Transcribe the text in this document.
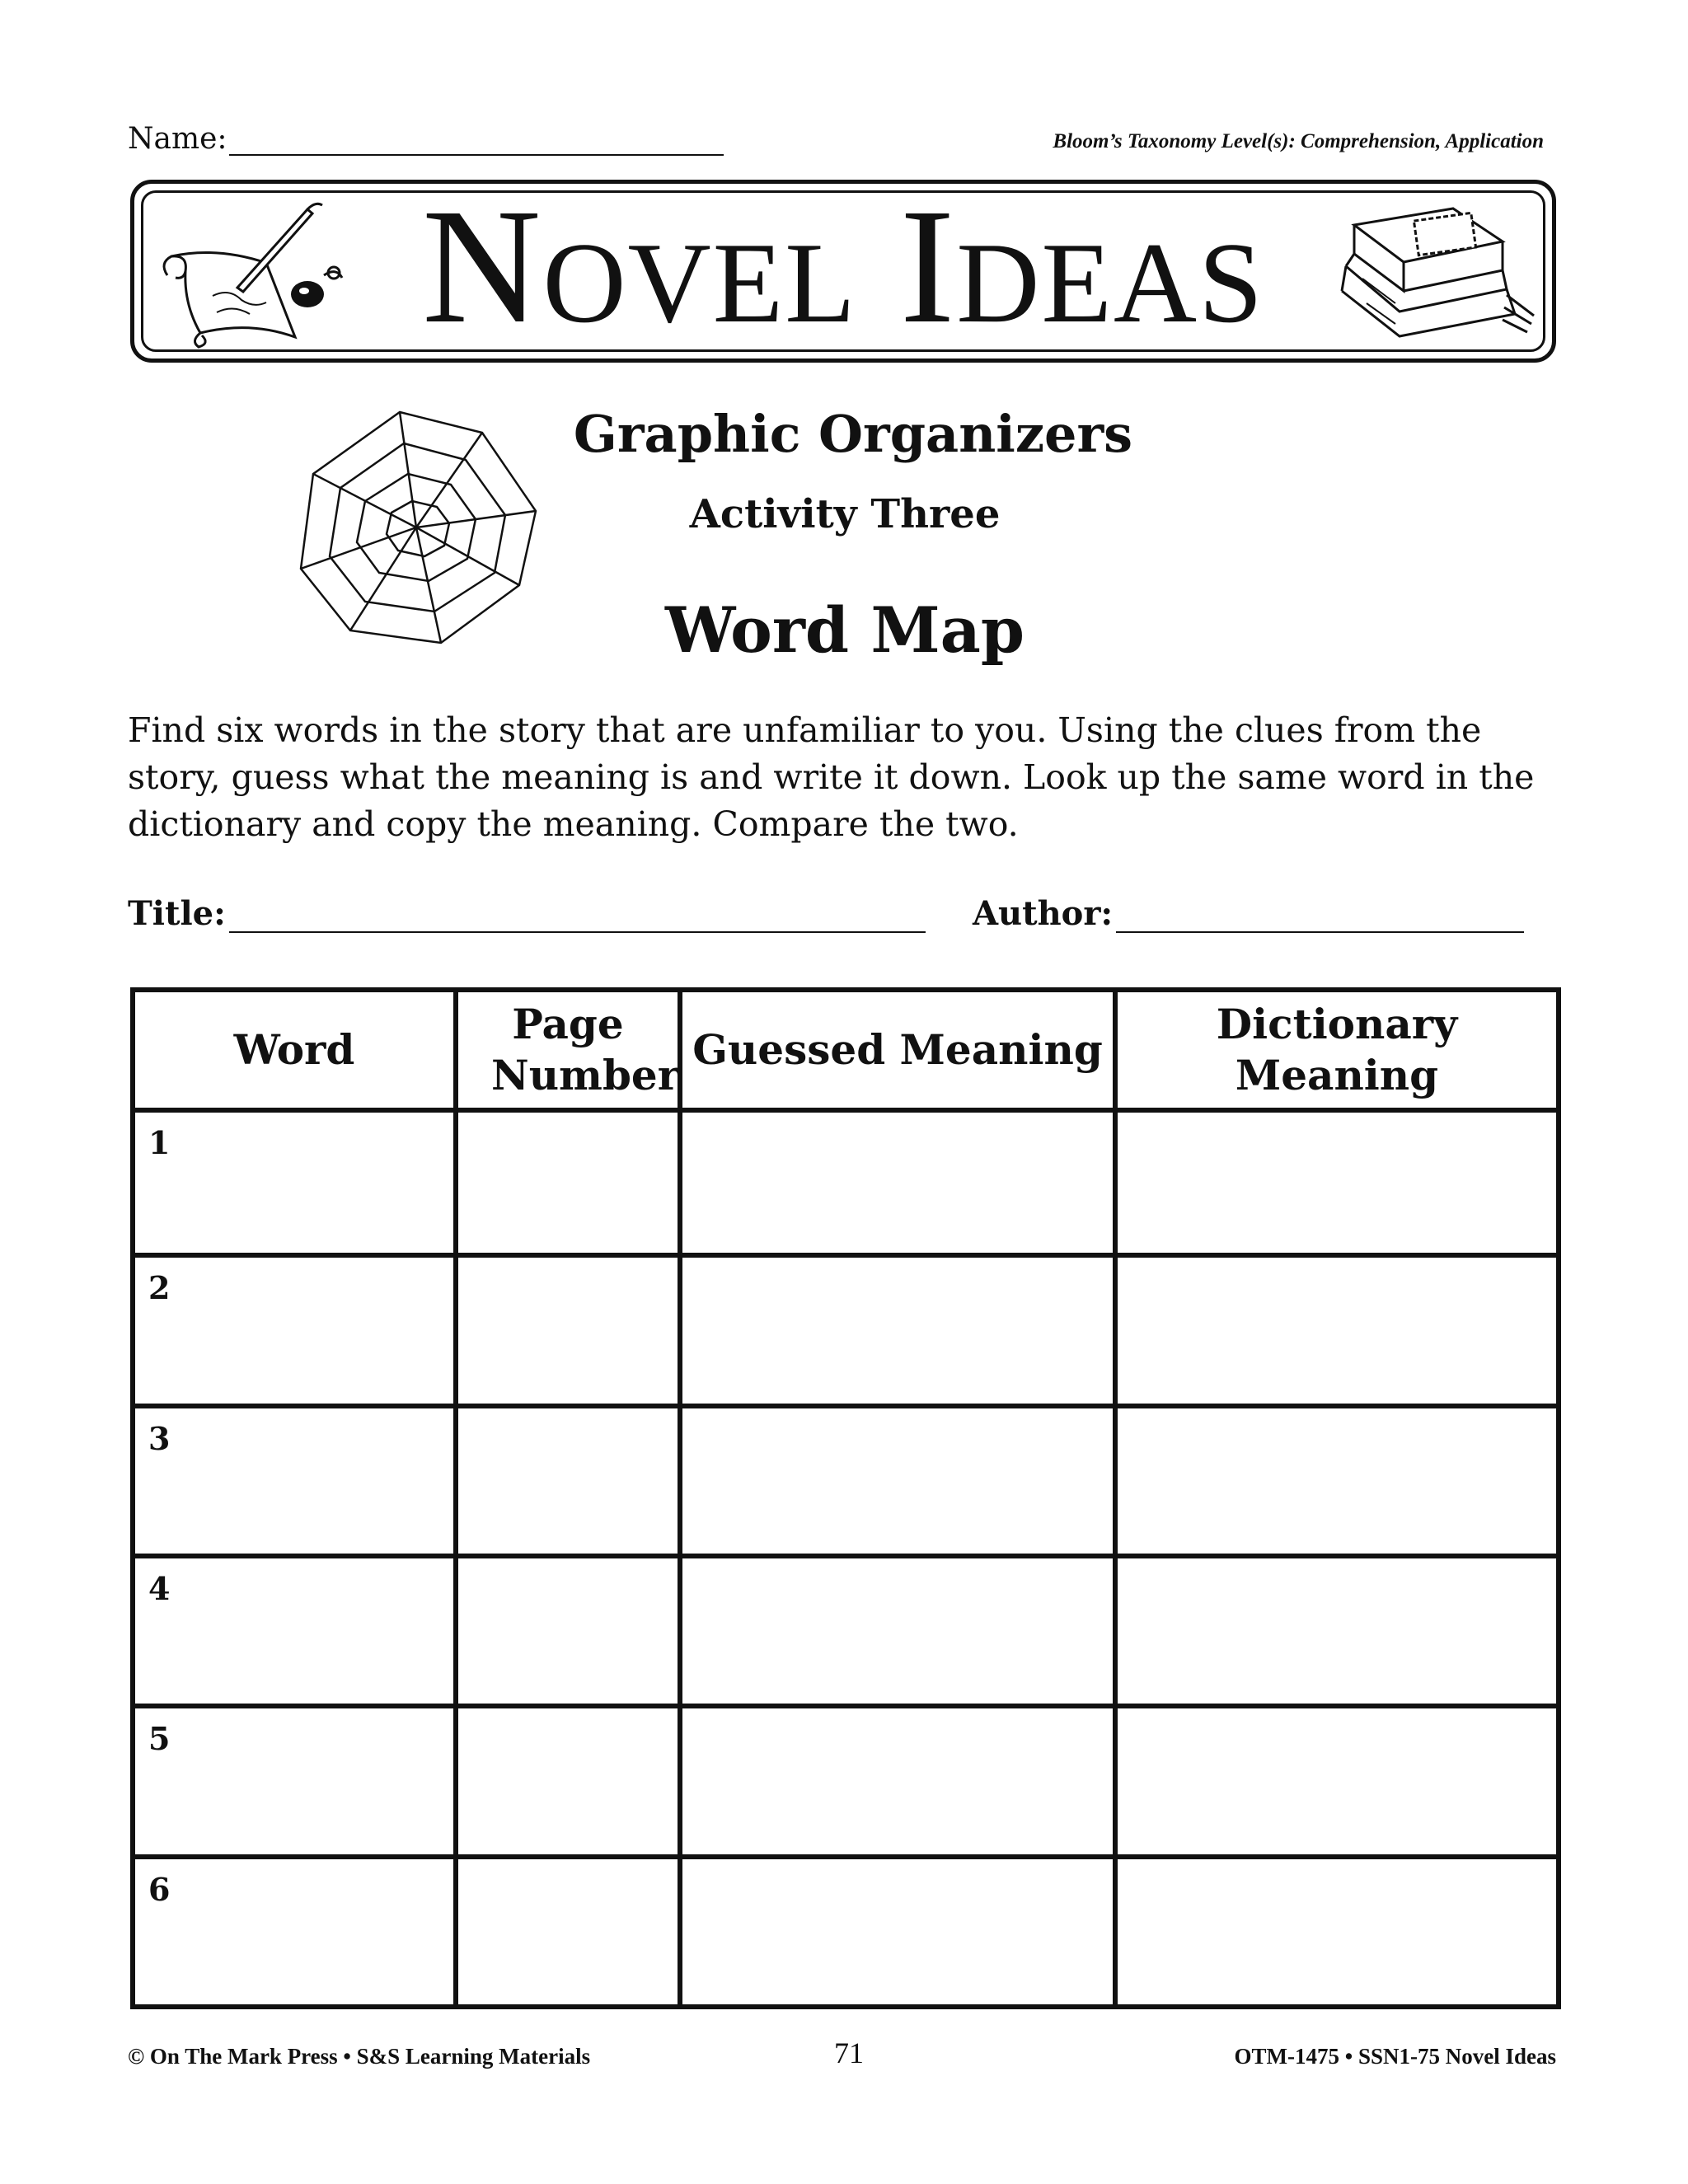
Name:	Bloom’s Taxonomy Level(s): Comprehension, Application
Novel Ideas
Graphic Organizers
Activity Three
Word Map
Find six words in the story that are unfamiliar to you. Using the clues from the story, guess what the meaning is and write it down. Look up the same word in the dictionary and copy the meaning. Compare the two.
Title:	Author:
Word	Page Number	Guessed Meaning	Dictionary Meaning

1			

2			

3			

4			

5			

6			

© On The Mark Press • S&S Learning Materials	71	OTM-1475 • SSN1-75 Novel Ideas
